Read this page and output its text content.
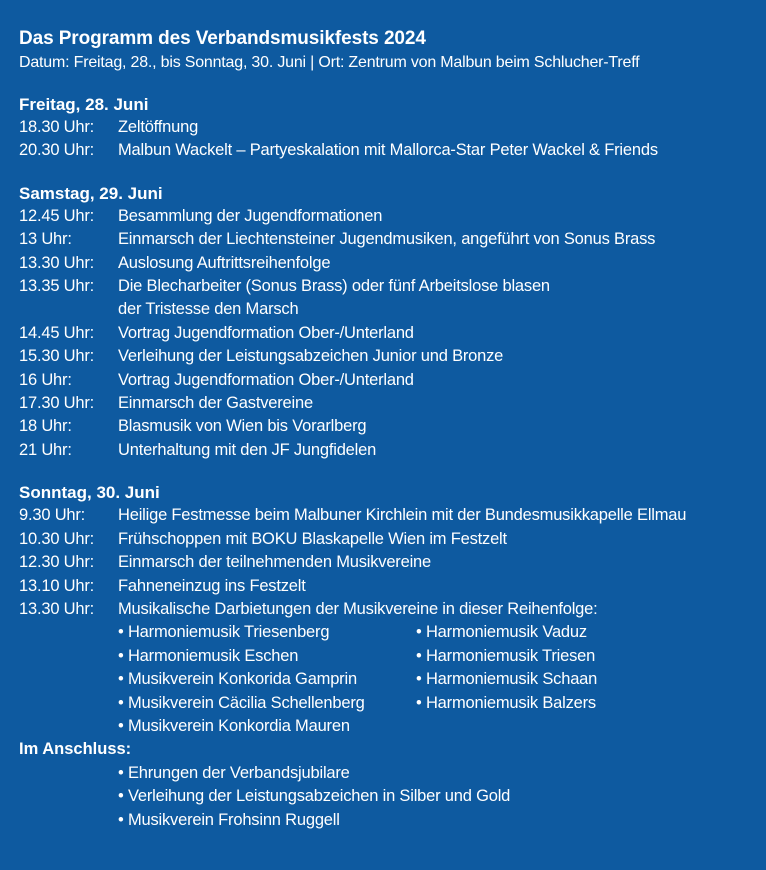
Das Programm des Verbandsmusikfests 2024
Datum: Freitag, 28., bis Sonntag, 30. Juni | Ort: Zentrum von Malbun beim Schlucher-Treff
Freitag, 28. Juni
18.30 Uhr:	Zeltöffnung
20.30 Uhr:	Malbun Wackelt – Partyeskalation mit Mallorca-Star Peter Wackel & Friends
Samstag, 29. Juni
12.45 Uhr:	Besammlung der Jugendformationen
13 Uhr:	Einmarsch der Liechtensteiner Jugendmusiken, angeführt von Sonus Brass
13.30 Uhr:	Auslosung Auftrittsreihenfolge
13.35 Uhr:	Die Blecharbeiter (Sonus Brass) oder fünf Arbeitslose blasen
der Tristesse den Marsch
14.45 Uhr:	Vortrag Jugendformation Ober-/Unterland
15.30 Uhr:	Verleihung der Leistungsabzeichen Junior und Bronze
16 Uhr:	Vortrag Jugendformation Ober-/Unterland
17.30 Uhr:	Einmarsch der Gastvereine
18 Uhr:	Blasmusik von Wien bis Vorarlberg
21 Uhr:	Unterhaltung mit den JF Jungfidelen
Sonntag, 30. Juni
9.30 Uhr:	Heilige Festmesse beim Malbuner Kirchlein mit der Bundesmusikkapelle Ellmau
10.30 Uhr:	Frühschoppen mit BOKU Blaskapelle Wien im Festzelt
12.30 Uhr:	Einmarsch der teilnehmenden Musikvereine
13.10 Uhr:	Fahneneinzug ins Festzelt
13.30 Uhr:	Musikalische Darbietungen der Musikvereine in dieser Reihenfolge:
• Harmoniemusik Triesenberg	• Harmoniemusik Vaduz
• Harmoniemusik Eschen	• Harmoniemusik Triesen
• Musikverein Konkorida Gamprin	• Harmoniemusik Schaan
• Musikverein Cäcilia Schellenberg	• Harmoniemusik Balzers
• Musikverein Konkordia Mauren
Im Anschluss:
• Ehrungen der Verbandsjubilare
• Verleihung der Leistungsabzeichen in Silber und Gold
• Musikverein Frohsinn Ruggell
